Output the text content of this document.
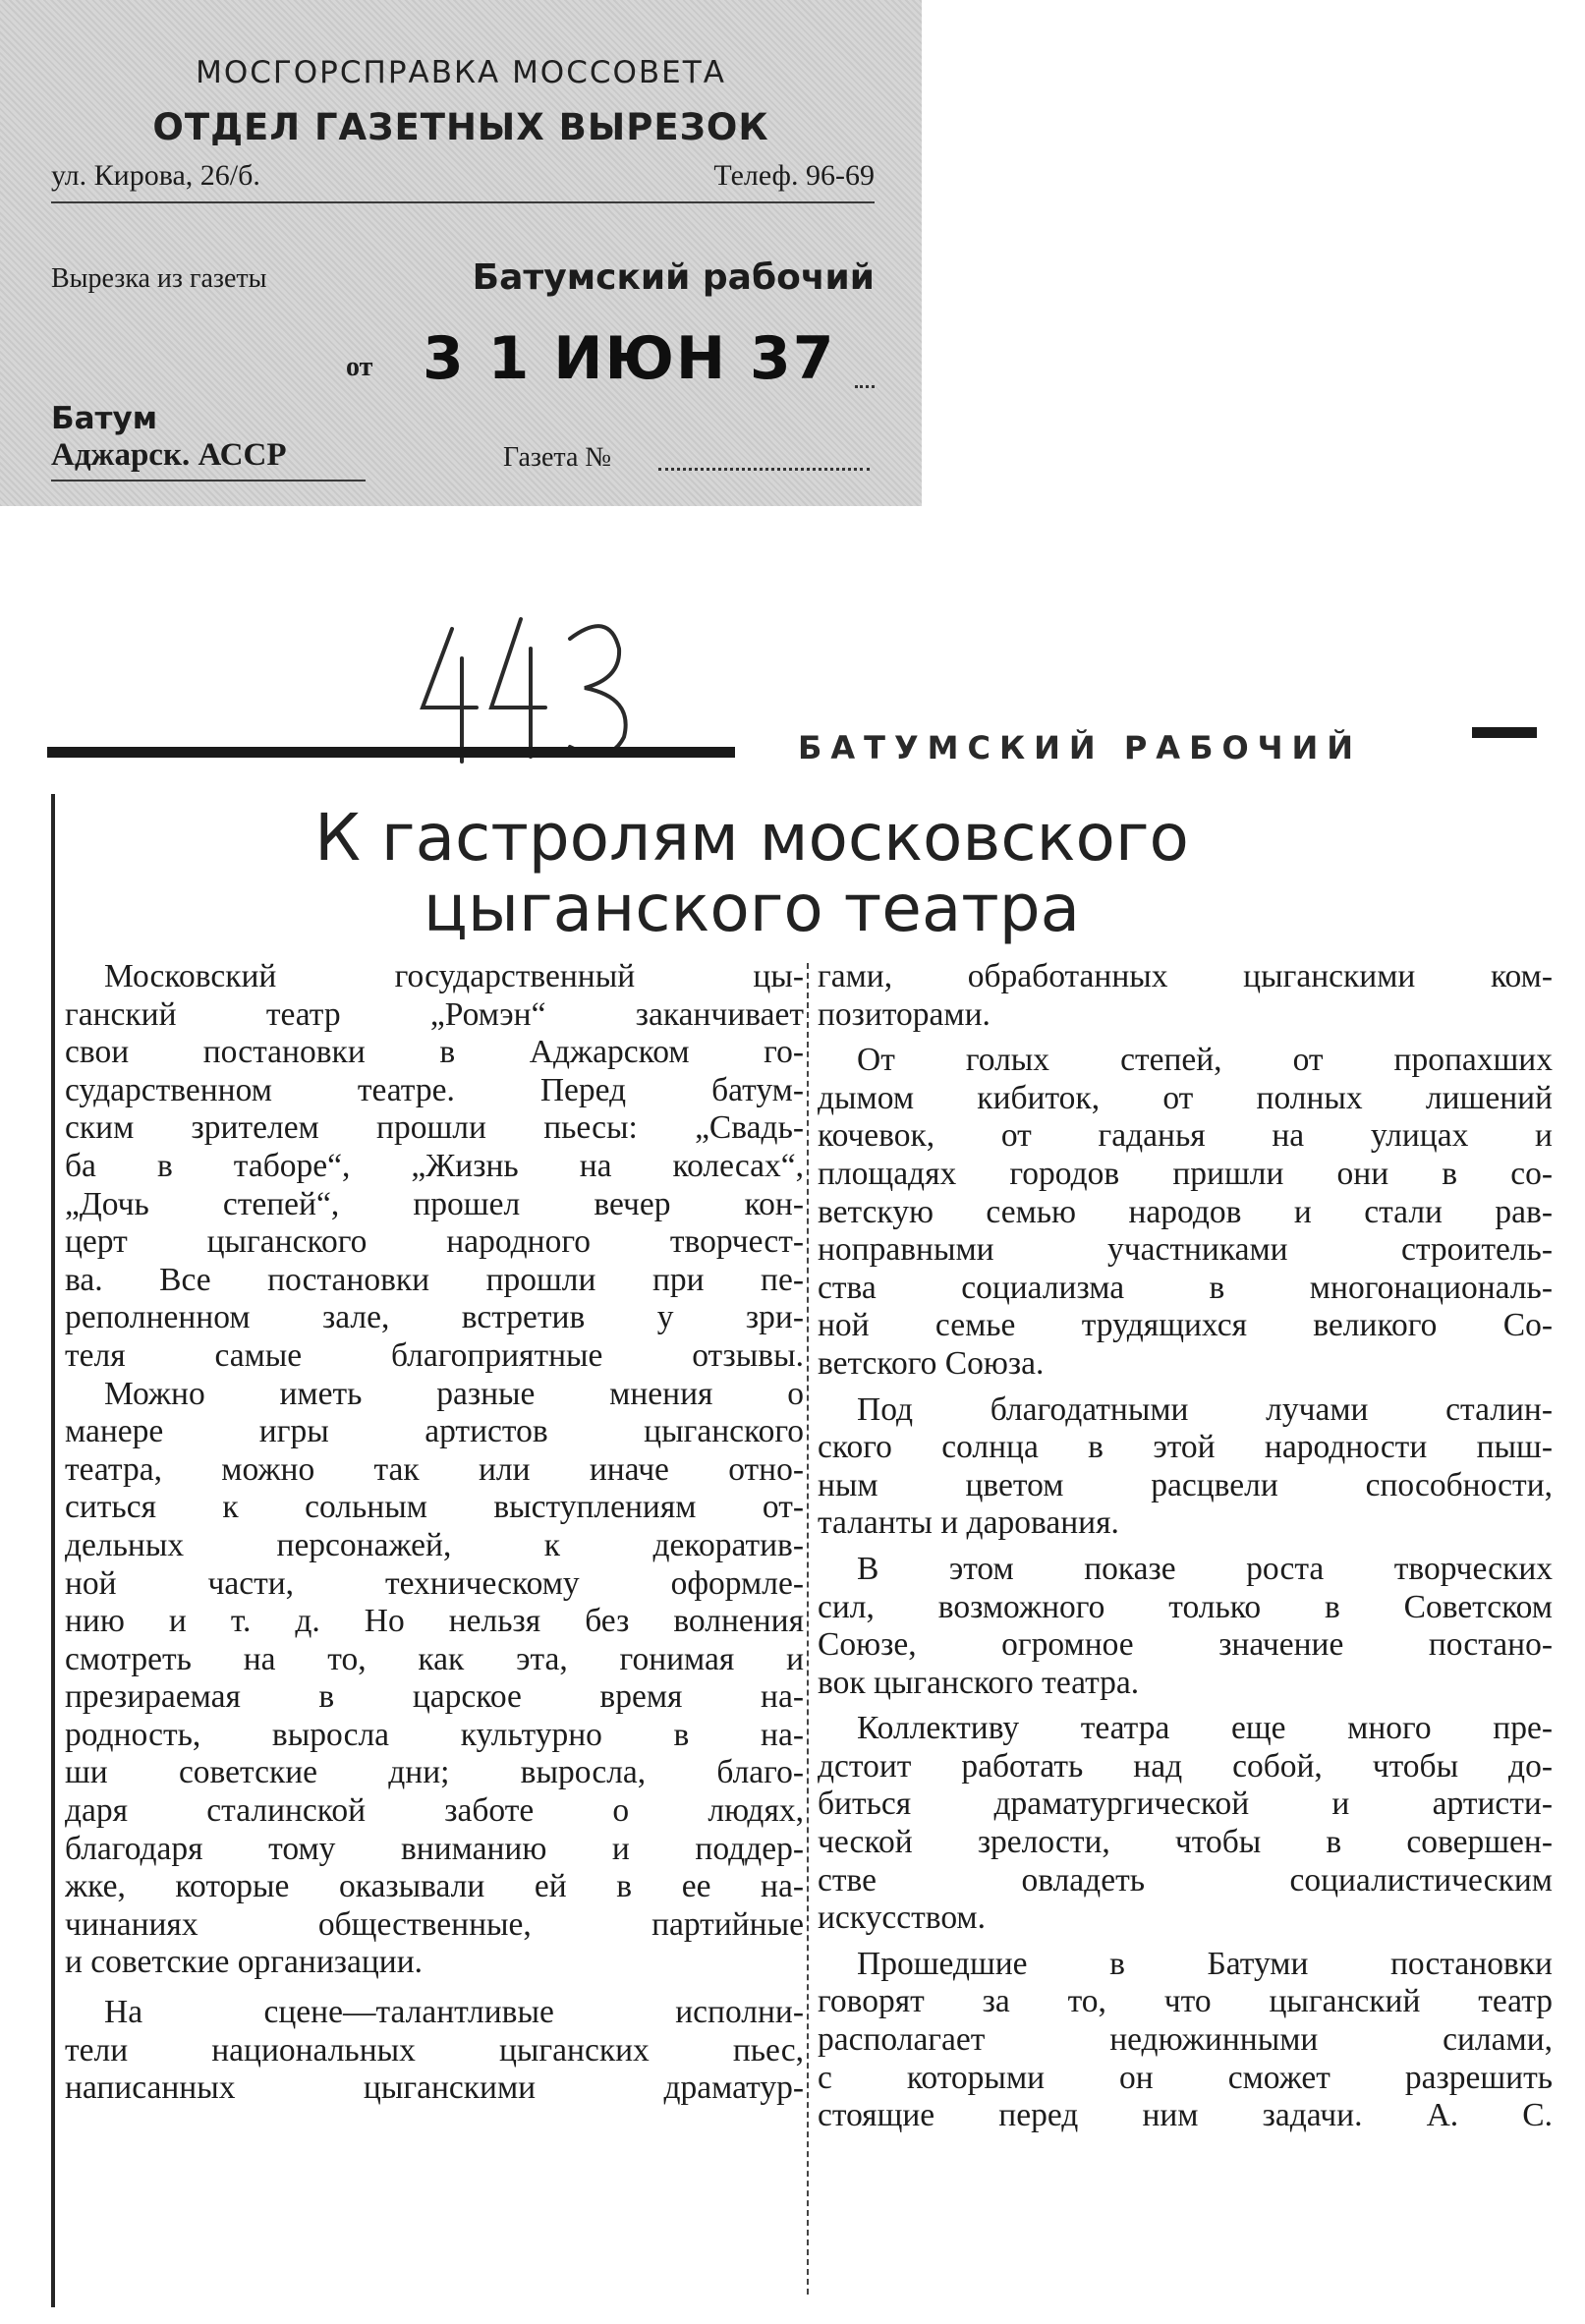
МОСГОРСПРАВКА МОССОВЕТА
ОТДЕЛ ГАЗЕТНЫХ ВЫРЕЗОК
ул. Кирова, 26/б.	Телеф. 96-69
Вырезка из газеты	Батумский рабочий
от 3 1 ИЮН 37
Батум
Аджарск. АССР	Газета №
БАТУМСКИЙ РАБОЧИЙ
К гастролям московского
цыганского театра
Московский государственный цы-
ганский театр „Ромэн“ заканчивает
свои постановки в Аджарском го-
сударственном театре. Перед батум-
ским зрителем прошли пьесы: „Свадь-
ба в таборе“, „Жизнь на колесах“,
„Дочь степей“, прошел вечер кон-
церт цыганского народного творчест-
ва. Все постановки прошли при пе-
реполненном зале, встретив у зри-
теля самые благоприятные отзывы.
Можно иметь разные мнения о
манере игры артистов цыганского
театра, можно так или иначе отно-
ситься к сольным выступлениям от-
дельных персонажей, к декоратив-
ной части, техническому оформле-
нию и т. д. Но нельзя без волнения
смотреть на то, как эта, гонимая и
презираемая в царское время на-
родность, выросла культурно в на-
ши советские дни; выросла, благо-
даря сталинской заботе о людях,
благодаря тому вниманию и поддер-
жке, которые оказывали ей в ее на-
чинаниях общественные, партийные
и советские организации.
На сцене—талантливые исполни-
тели национальных цыганских пьес,
написанных цыганскими драматур-
гами, обработанных цыганскими ком-
позиторами.
От голых степей, от пропахших
дымом кибиток, от полных лишений
кочевок, от гаданья на улицах и
площадях городов пришли они в со-
ветскую семью народов и стали рав-
ноправными участниками строитель-
ства социализма в многонациональ-
ной семье трудящихся великого Со-
ветского Союза.
Под благодатными лучами сталин-
ского солнца в этой народности пыш-
ным цветом расцвели способности,
таланты и дарования.
В этом показе роста творческих
сил, возможного только в Советском
Союзе, огромное значение постано-
вок цыганского театра.
Коллективу театра еще много пре-
дстоит работать над собой, чтобы до-
биться драматургической и артисти-
ческой зрелости, чтобы в совершен-
стве овладеть социалистическим
искусством.
Прошедшие в Батуми постановки
говорят за то, что цыганский театр
располагает недюжинными силами,
с которыми он сможет разрешить
стоящие перед ним задачи. А. С.
